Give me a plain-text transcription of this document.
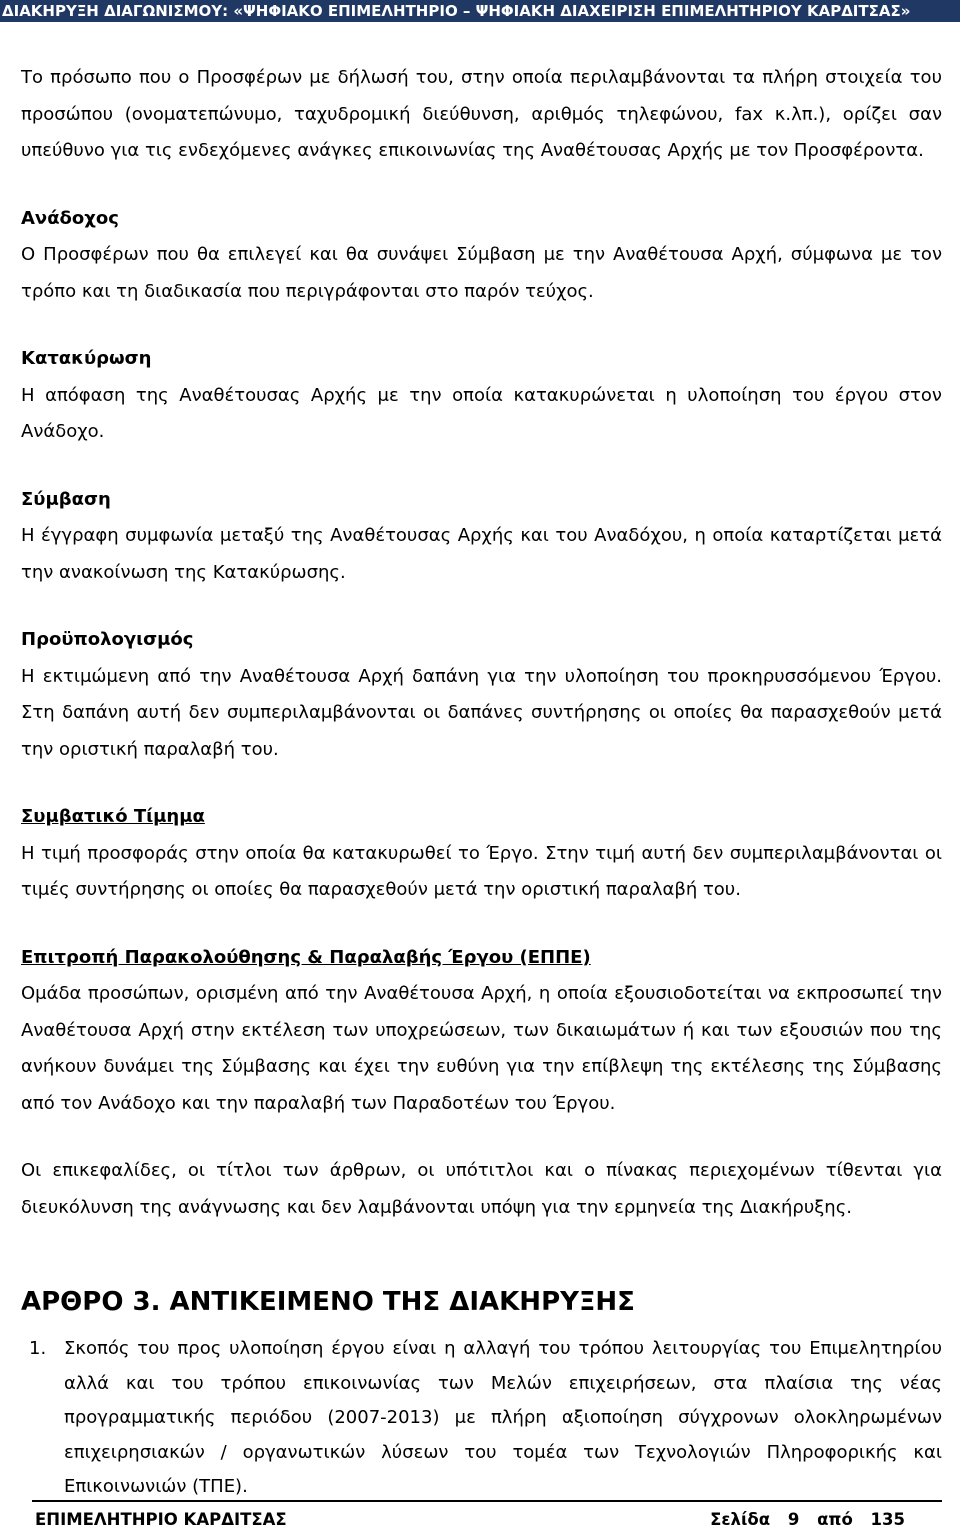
ΔΙΑΚΗΡΥΞΗ ΔΙΑΓΩΝΙΣΜΟΥ: «ΨΗΦΙΑΚΟ ΕΠΙΜΕΛΗΤΗΡΙΟ – ΨΗΦΙΑΚΗ ΔΙΑΧΕΙΡΙΣΗ ΕΠΙΜΕΛΗΤΗΡΙΟΥ ΚΑΡΔΙΤΣΑΣ»

Το πρόσωπο που ο Προσφέρων με δήλωσή του, στην οποία περιλαμβάνονται τα πλήρη στοιχεία του προσώπου (ονοματεπώνυμο, ταχυδρομική διεύθυνση, αριθμός τηλεφώνου, fax κ.λπ.), ορίζει σαν υπεύθυνο για τις ενδεχόμενες ανάγκες επικοινωνίας της Αναθέτουσας Αρχής με τον Προσφέροντα.

Ανάδοχος
Ο Προσφέρων που θα επιλεγεί και θα συνάψει Σύμβαση με την Αναθέτουσα Αρχή, σύμφωνα με τον τρόπο και τη διαδικασία που περιγράφονται στο παρόν τεύχος.

Κατακύρωση
Η απόφαση της Αναθέτουσας Αρχής με την οποία κατακυρώνεται η υλοποίηση του έργου στον Ανάδοχο.

Σύμβαση
Η έγγραφη συμφωνία μεταξύ της Αναθέτουσας Αρχής και του Αναδόχου, η οποία καταρτίζεται μετά την ανακοίνωση της Κατακύρωσης.

Προϋπολογισμός
Η εκτιμώμενη από την Αναθέτουσα Αρχή δαπάνη για την υλοποίηση του προκηρυσσόμενου Έργου. Στη δαπάνη αυτή δεν συμπεριλαμβάνονται οι δαπάνες συντήρησης οι οποίες θα παρασχεθούν μετά την οριστική παραλαβή του.

Συμβατικό Τίμημα
Η τιμή προσφοράς στην οποία θα κατακυρωθεί το Έργο. Στην τιμή αυτή δεν συμπεριλαμβάνονται οι τιμές συντήρησης οι οποίες θα παρασχεθούν μετά την οριστική παραλαβή του.

Επιτροπή Παρακολούθησης & Παραλαβής Έργου (ΕΠΠΕ)
Ομάδα προσώπων, ορισμένη από την Αναθέτουσα Αρχή, η οποία εξουσιοδοτείται να εκπροσωπεί την Αναθέτουσα Αρχή στην εκτέλεση των υποχρεώσεων, των δικαιωμάτων ή και των εξουσιών που της ανήκουν δυνάμει της Σύμβασης και έχει την ευθύνη για την επίβλεψη της εκτέλεσης της Σύμβασης από τον Ανάδοχο και την παραλαβή των Παραδοτέων του Έργου.

Οι επικεφαλίδες, οι τίτλοι των άρθρων, οι υπότιτλοι και ο πίνακας περιεχομένων τίθενται για διευκόλυνση της ανάγνωσης και δεν λαμβάνονται υπόψη για την ερμηνεία της Διακήρυξης.

ΑΡΘΡΟ 3. ΑΝΤΙΚΕΙΜΕΝΟ ΤΗΣ ΔΙΑΚΗΡΥΞΗΣ
1. Σκοπός του προς υλοποίηση έργου είναι η αλλαγή του τρόπου λειτουργίας του Επιμελητηρίου αλλά και του τρόπου επικοινωνίας των Μελών επιχειρήσεων, στα πλαίσια της νέας προγραμματικής περιόδου (2007-2013) με πλήρη αξιοποίηση σύγχρονων ολοκληρωμένων επιχειρησιακών / οργανωτικών λύσεων του τομέα των Τεχνολογιών Πληροφορικής και Επικοινωνιών (ΤΠΕ).
ΕΠΙΜΕΛΗΤΗΡΙΟ ΚΑΡΔΙΤΣΑΣ	Σελίδα 9 από 135
